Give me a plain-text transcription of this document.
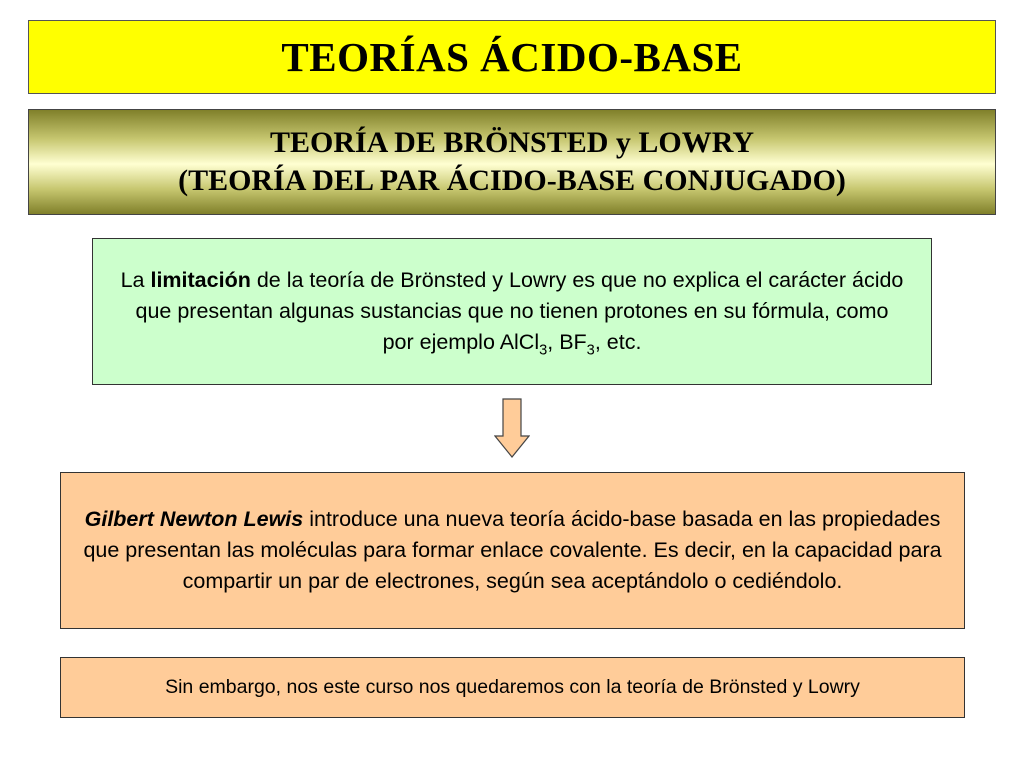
TEORÍAS ÁCIDO-BASE
TEORÍA DE BRÖNSTED y LOWRY
(TEORÍA DEL PAR ÁCIDO-BASE CONJUGADO)

La limitación de la teoría de Brönsted y Lowry es que no explica el carácter ácido que presentan algunas sustancias que no tienen protones en su fórmula, como por ejemplo AlCl$_3$, $BF_3$, etc.

Gilbert Newton Lewis introduce una nueva teoría ácido-base basada en las propiedades que presentan las moléculas para formar enlace covalente. Es decir, en la capacidad para compartir un par de electrones, según sea aceptándolo o cediéndolo.

Sin embargo, nos este curso nos quedaremos con la teoría de Brönsted y Lowry
